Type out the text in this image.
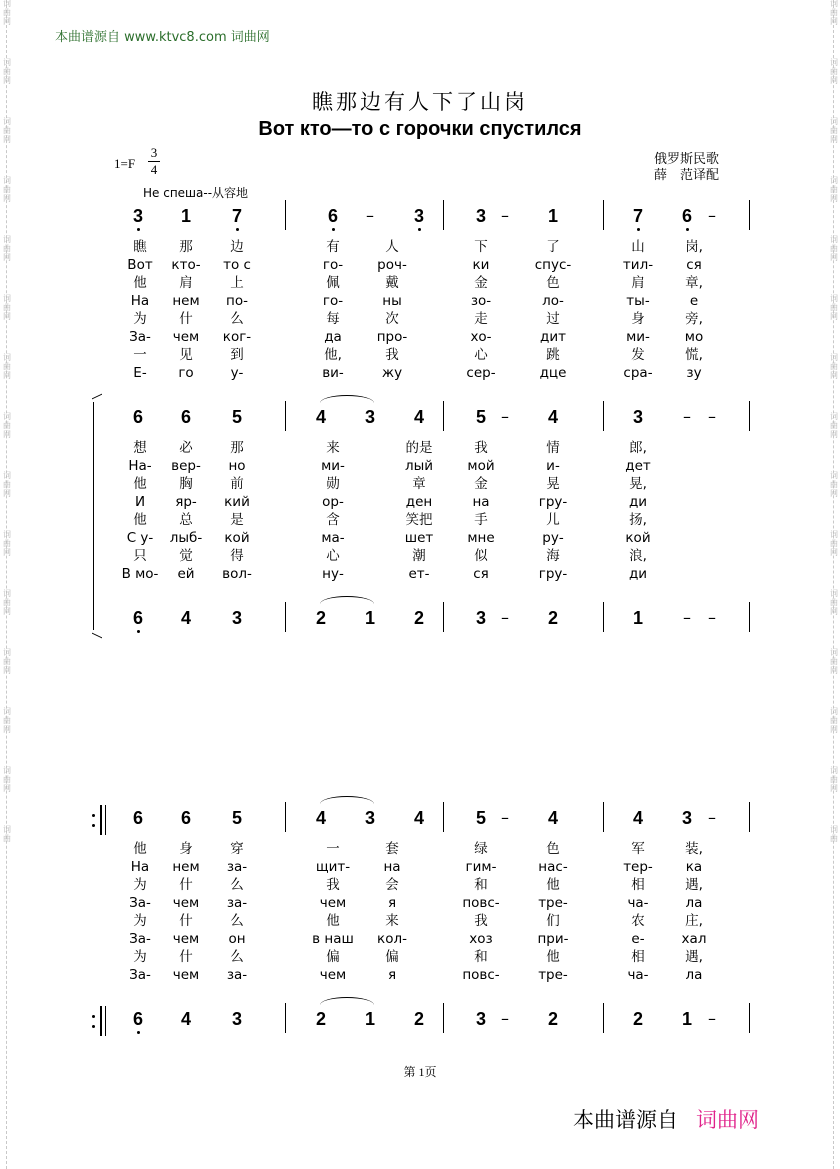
本曲谱源自 www.ktvc8.com 词曲网
词
曲
网
词
曲
网
词
曲
网
词
曲
网
词
曲
网
词
曲
网
词
曲
网
词
曲
网
词
曲
网
词
曲
网
词
曲
网
词
曲
网
词
曲
网
词
曲
网
词
曲
词
曲
网
词
曲
网
词
曲
网
词
曲
网
词
曲
网
词
曲
网
词
曲
网
词
曲
网
词
曲
网
词
曲
网
词
曲
网
词
曲
网
词
曲
网
词
曲
网
词
曲
瞧那边有人下了山岗
Вот кто—то с горочки спустился
$1=F \frac{3}{4}$	俄罗斯民歌
薛　范译配
Не спеша--从容地
3 1 7	6 – 3	3 – 1	7 6 –
瞧 那	边	有	人	下	了	山	岗,
Вот кто- то с	го-	роч-	ки	спус-	тил- ся
他 肩	上	佩	戴	金	色	肩	章,
На нем по-	го-	ны	зо-	ло-	ты-	е
为 什	么	每	次	走	过	身	旁,
За- чем ког-	да	про-	хо-	дит	ми-	мо
一 见	到	他,	我	心	跳	发	慌,
Е- го	у-	ви-	жу	сер-	дце	сра-	зу
6 6 5	4 3 4	5 – 4	3 – –
想 必	那	来	的是	我	情	郎,
На- вер- но	ми-	лый	мой	и-	дет
他 胸	前	勋	章	金	晃	晃,
И яр- кий	ор-	ден	на	гру-	ди
他 总	是	含	笑把	手	儿	扬,
С у- лыб- кой	ма-	шет	мне	ру-	кой
只 觉	得	心	潮	似	海	浪,
В мо- ей вол-	ну-	ет-	ся	гру-	ди
6 4 3	2 1 2	3 – 2	1 – –
6 6 5	4 3 4	5 – 4	4 3 –
他 身	穿	一	套	绿	色	军	装,
На нем за-	щит- на	гим-	нас-	тер- ка
为 什	么	我	会	和	他	相	遇,
За- чем за-	чем	я	повс-	тре-	ча-	ла
为 什	么	他	来	我	们	农	庄,
За- чем он	в наш кол-	хоз	при-	е-	хал
为 什	么	偏	偏	和	他	相	遇,
За- чем за-	чем	я	повс-	тре-	ча-	ла
6 4 3	2 1 2	3 – 2	2 1 –
第 1页
本曲谱源自 词曲网
